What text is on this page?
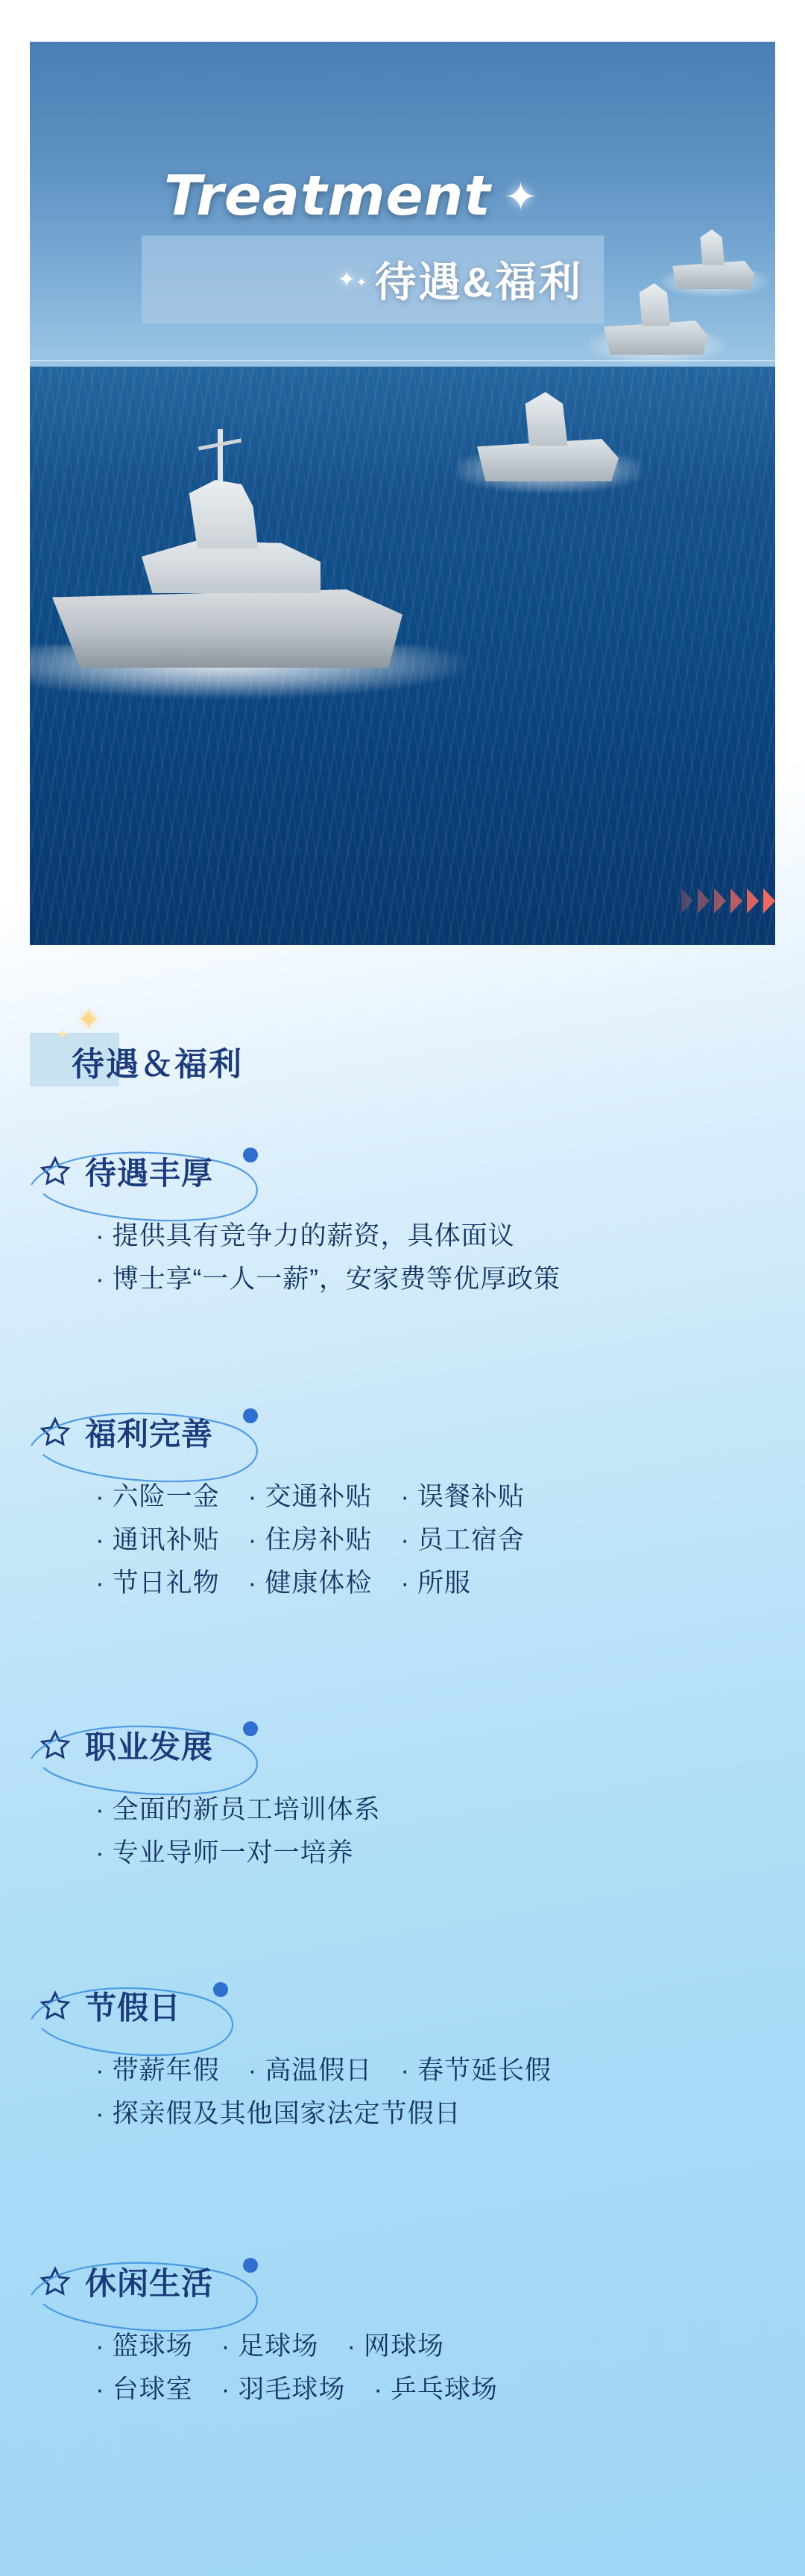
Treatment ✦
✦✦ 待遇&福利
✦
✦
待遇＆福利
待遇丰厚
· 提供具有竞争力的薪资，具体面议
· 博士享“一人一薪”，安家费等优厚政策
福利完善
· 六险一金	· 交通补贴	· 误餐补贴
· 通讯补贴	· 住房补贴	· 员工宿舍
· 节日礼物	· 健康体检	· 所服
职业发展
· 全面的新员工培训体系
· 专业导师一对一培养
节假日
· 带薪年假	· 高温假日	· 春节延长假
· 探亲假及其他国家法定节假日
休闲生活
· 篮球场	· 足球场	· 网球场
· 台球室	· 羽毛球场	· 乒乓球场
